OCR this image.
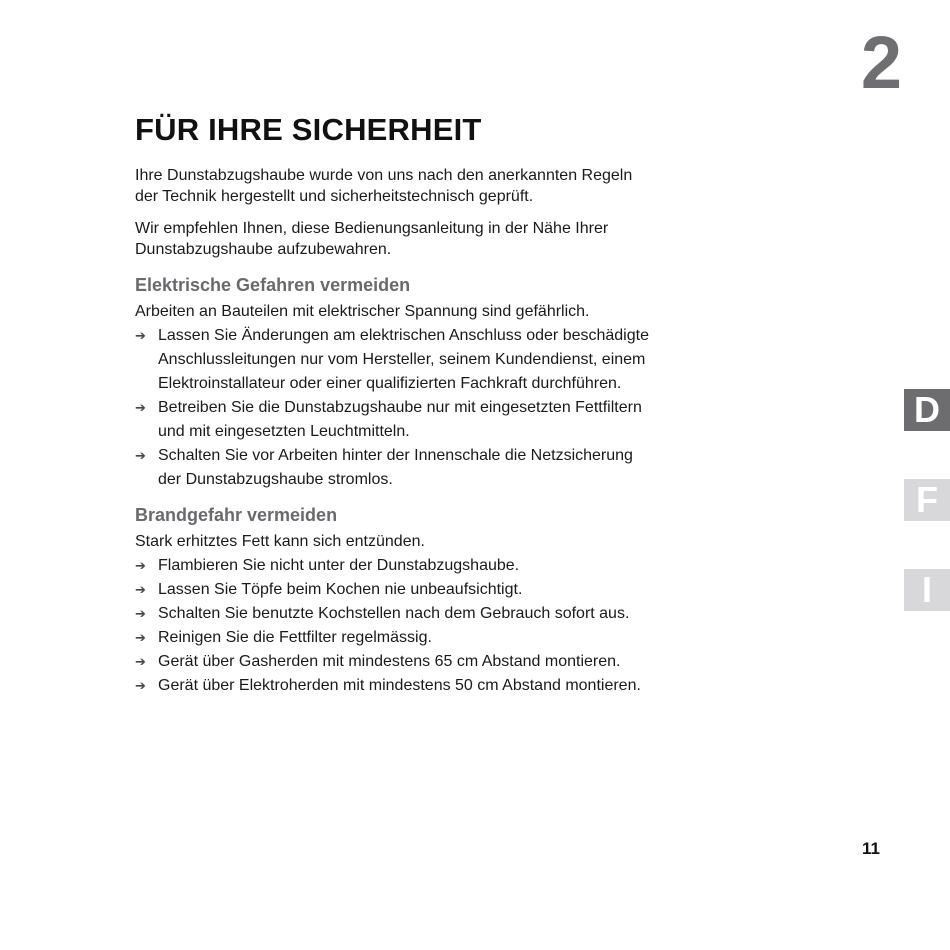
2
FÜR IHRE SICHERHEIT

Ihre Dunstabzugshaube wurde von uns nach den anerkannten Regeln der Technik hergestellt und sicherheitstechnisch geprüft.

Wir empfehlen Ihnen, diese Bedienungsanleitung in der Nähe Ihrer Dunstabzugshaube aufzubewahren.

Elektrische Gefahren vermeiden

Arbeiten an Bauteilen mit elektrischer Spannung sind gefährlich.

➔ Lassen Sie Änderungen am elektrischen Anschluss oder beschädigte
Anschlussleitungen nur vom Hersteller, seinem Kundendienst, einem
Elektroinstallateur oder einer qualifizierten Fachkraft durchführen.
➔ Betreiben Sie die Dunstabzugshaube nur mit eingesetzten Fettfiltern
und mit eingesetzten Leuchtmitteln.
➔ Schalten Sie vor Arbeiten hinter der Innenschale die Netzsicherung
der Dunstabzugshaube stromlos.
Brandgefahr vermeiden

Stark erhitztes Fett kann sich entzünden.

➔ Flambieren Sie nicht unter der Dunstabzugshaube.
➔ Lassen Sie Töpfe beim Kochen nie unbeaufsichtigt.
➔ Schalten Sie benutzte Kochstellen nach dem Gebrauch sofort aus.
➔ Reinigen Sie die Fettfilter regelmässig.
➔ Gerät über Gasherden mit mindestens 65 cm Abstand montieren.
➔ Gerät über Elektroherden mit mindestens 50 cm Abstand montieren.
D
F
I
11
